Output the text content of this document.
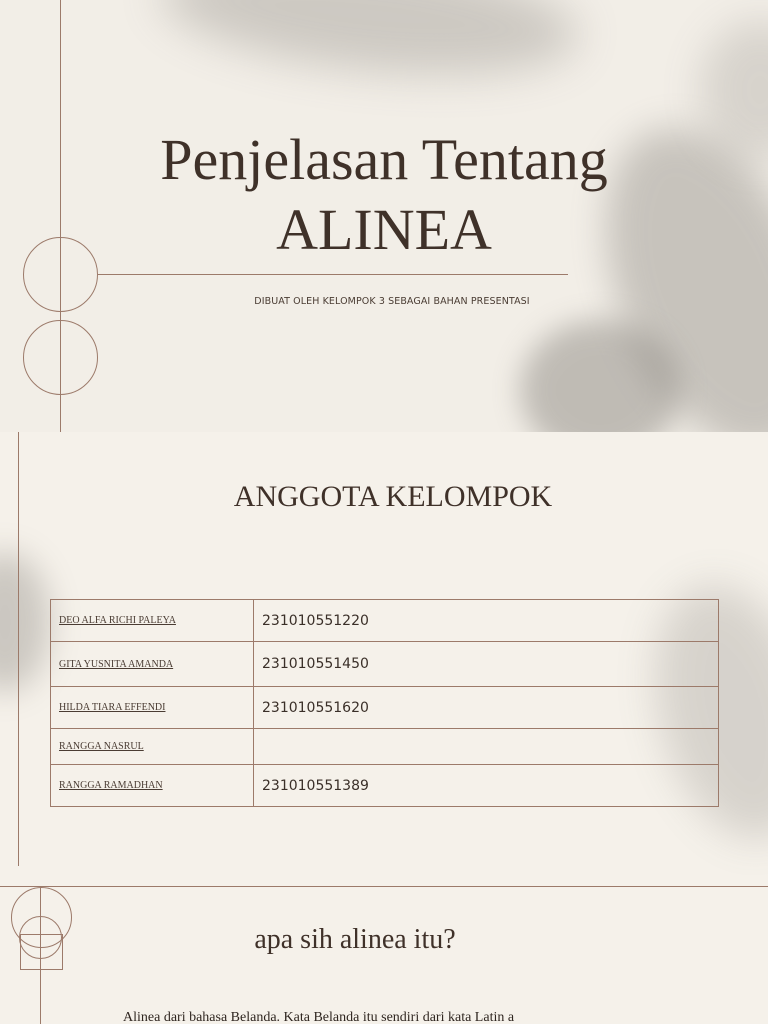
Penjelasan Tentang
ALINEA
DIBUAT OLEH KELOMPOK 3 SEBAGAI BAHAN PRESENTASI
ANGGOTA KELOMPOK
DEO ALFA RICHI PALEYA	231010551220
GITA YUSNITA AMANDA	231010551450
HILDA TIARA EFFENDI	231010551620
RANGGA NASRUL	
RANGGA RAMADHAN	231010551389
apa sih alinea itu?
Alinea dari bahasa Belanda. Kata Belanda itu sendiri dari kata Latin a
